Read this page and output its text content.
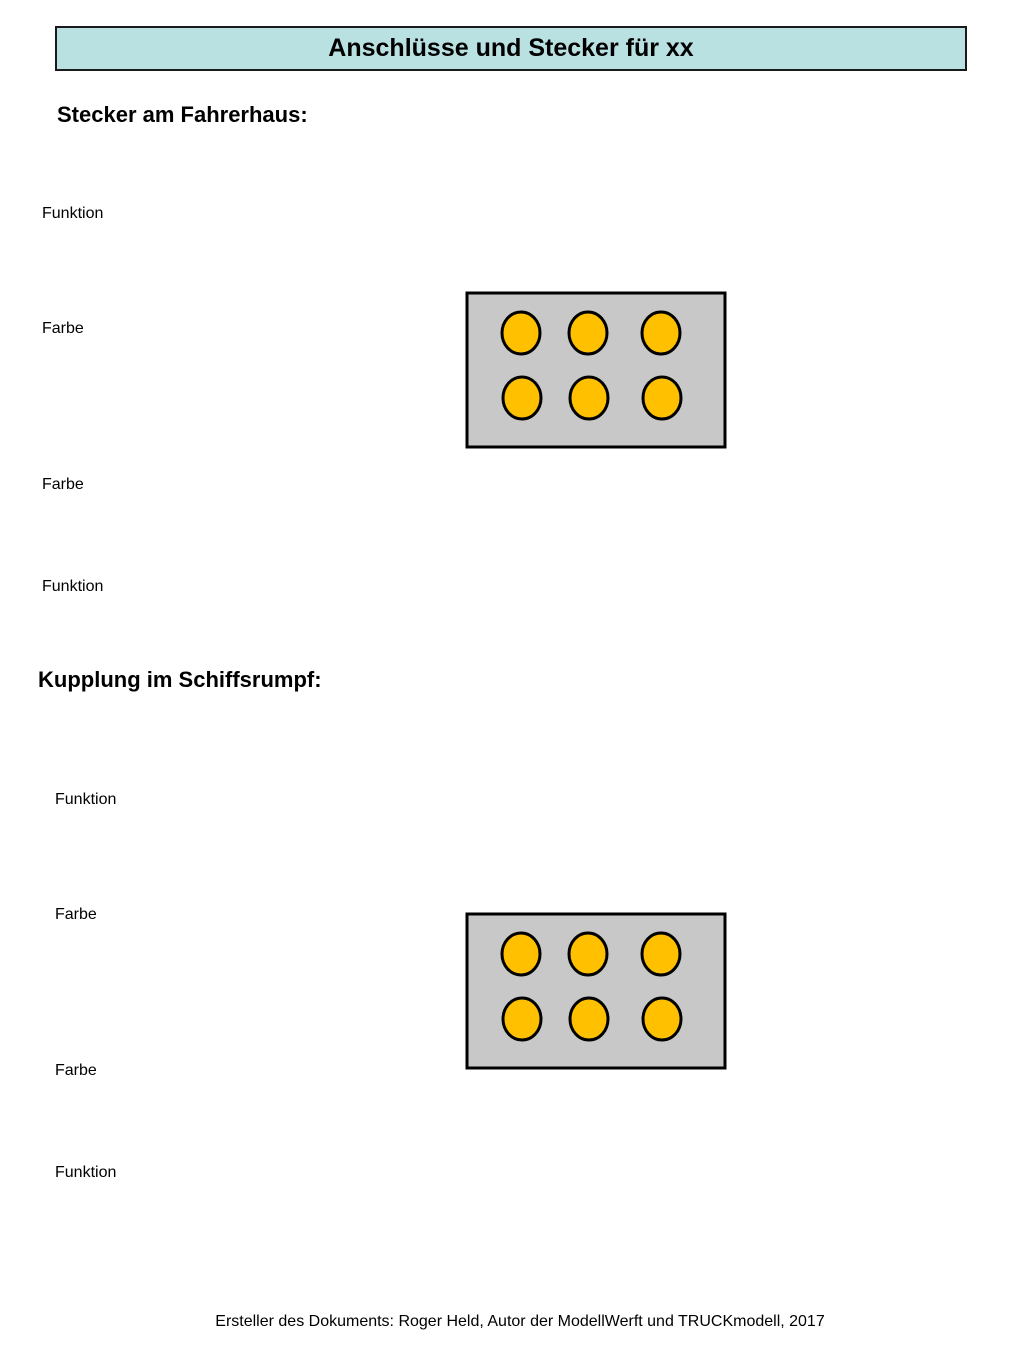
Anschlüsse und Stecker für xx
Stecker am Fahrerhaus:
Funktion
Farbe
Farbe
Funktion
Kupplung im Schiffsrumpf:
Funktion
Farbe
Farbe
Funktion
Ersteller des Dokuments: Roger Held, Autor der ModellWerft und TRUCKmodell, 2017
